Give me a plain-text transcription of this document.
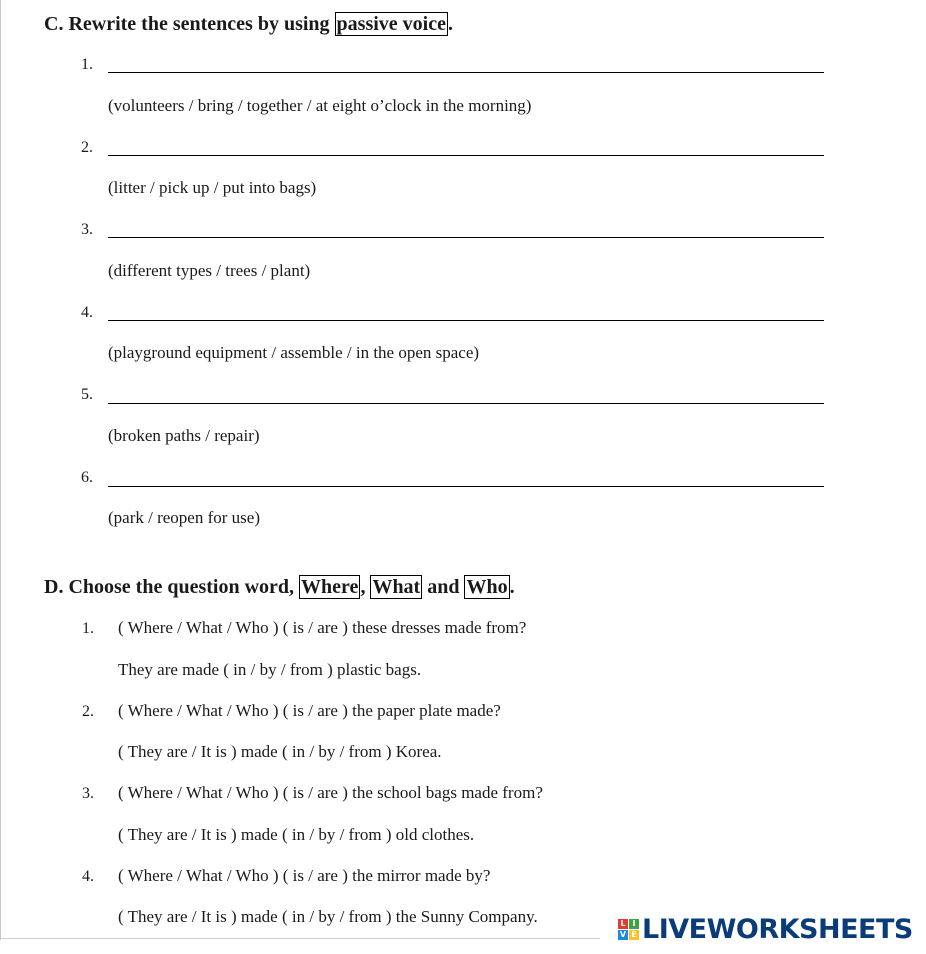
C. Rewrite the sentences by using passive voice .
1.
(volunteers / bring / together / at eight o’clock in the morning)
2.
(litter / pick up / put into bags)
3.
(different types / trees / plant)
4.
(playground equipment / assemble / in the open space)
5.
(broken paths / repair)
6.
(park / reopen for use)
D. Choose the question word, Where , What and Who .
1. ( Where / What / Who ) ( is / are ) these dresses made from?
They are made ( in / by / from ) plastic bags.
2. ( Where / What / Who ) ( is / are ) the paper plate made?
( They are / It is ) made ( in / by / from ) Korea.
3. ( Where / What / Who ) ( is / are ) the school bags made from?
( They are / It is ) made ( in / by / from ) old clothes.
4. ( Where / What / Who ) ( is / are ) the mirror made by?
( They are / It is ) made ( in / by / from ) the Sunny Company.	L I
V E LIVEWORKSHEETS
